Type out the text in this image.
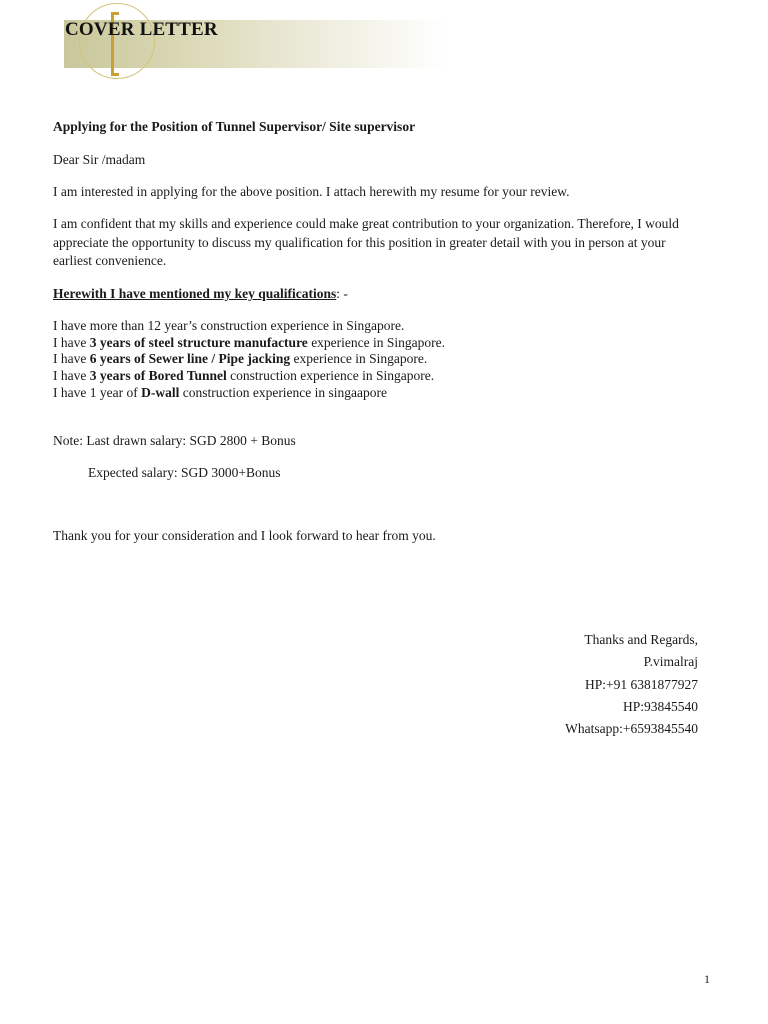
COVER LETTER
Applying for the Position of Tunnel Supervisor/ Site supervisor
Dear Sir /madam
I am interested in applying for the above position. I attach herewith my resume for your review.
I am confident that my skills and experience could make great contribution to your organization. Therefore, I would appreciate the opportunity to discuss my qualification for this position in greater detail with you in person at your earliest convenience.
Herewith I have mentioned my key qualifications: -
I have more than 12 year’s construction experience in Singapore.
I have 3 years of steel structure manufacture experience in Singapore.
I have 6 years of Sewer line / Pipe jacking experience in Singapore.
I have 3 years of Bored Tunnel construction experience in Singapore.
I have 1 year of D-wall construction experience in singaapore
Note: Last drawn salary: SGD 2800 + Bonus
Expected salary: SGD 3000+Bonus
Thank you for your consideration and I look forward to hear from you.
Thanks and Regards,
P.vimalraj
HP:+91 6381877927
HP:93845540
Whatsapp:+6593845540
1
